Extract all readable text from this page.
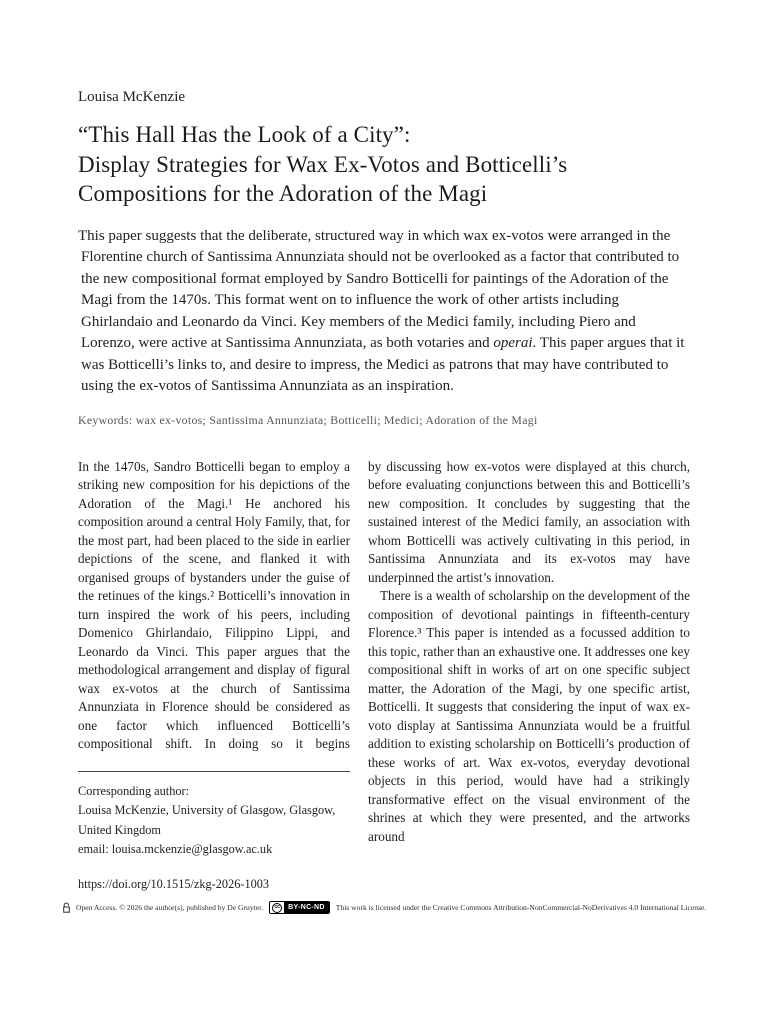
Louisa McKenzie
“This Hall Has the Look of a City”:
Display Strategies for Wax Ex-Votos and Botticelli’s
Compositions for the Adoration of the Magi

This paper suggests that the deliberate, structured way in which wax ex-votos were arranged in the Florentine church of Santissima Annunziata should not be overlooked as a factor that contributed to the new compositional format employed by Sandro Botticelli for paintings of the Adoration of the Magi from the 1470s. This format went on to influence the work of other artists including Ghirlandaio and Leonardo da Vinci. Key members of the Medici family, including Piero and Lorenzo, were active at Santissima Annunziata, as both votaries and operai. This paper argues that it was Botticelli’s links to, and desire to impress, the Medici as patrons that may have contributed to using the ex-votos of Santissima Annunziata as an inspiration.

Keywords: wax ex-votos; Santissima Annunziata; Botticelli; Medici; Adoration of the Magi

In the 1470s, Sandro Botticelli began to employ a striking new composition for his depictions of the Adoration of the Magi.¹ He anchored his composition around a central Holy Family, that, for the most part, had been placed to the side in earlier depictions of the scene, and flanked it with organised groups of bystanders under the guise of the retinues of the kings.² Botticelli’s innovation in turn inspired the work of his peers, including Domenico Ghirlandaio, Filippino Lippi, and Leonardo da Vinci. This paper argues that the methodological arrangement and display of figural wax ex-votos at the church of Santissima Annunziata in Florence should be considered as one factor which influenced Botticelli’s compositional shift. In doing so it begins

Corresponding author:
Louisa McKenzie, University of Glasgow, Glasgow,
United Kingdom
email: louisa.mckenzie@glasgow.ac.uk
https://doi.org/10.1515/zkg-2026-1003

by discussing how ex-votos were displayed at this church, before evaluating conjunctions between this and Botticelli’s new composition. It concludes by suggesting that the sustained interest of the Medici family, an association with whom Botticelli was actively cultivating in this period, in Santissima Annunziata and its ex-votos may have underpinned the artist’s innovation.

There is a wealth of scholarship on the development of the composition of devotional paintings in fifteenth-century Florence.³ This paper is intended as a focussed addition to this topic, rather than an exhaustive one. It addresses one key compositional shift in works of art on one specific subject matter, the Adoration of the Magi, by one specific artist, Botticelli. It suggests that considering the input of wax ex-voto display at Santissima Annunziata would be a fruitful addition to existing scholarship on Botticelli’s production of these works of art. Wax ex-votos, everyday devotional objects in this period, would have had a strikingly transformative effect on the visual environment of the shrines at which they were presented, and the artworks around

Open Access. © 2026 the author(s), published by De Gruyter.	cc	BY-NC-ND	This work is licensed under the Creative Commons Attribution-NonCommercial-NoDerivatives 4.0 International License.
